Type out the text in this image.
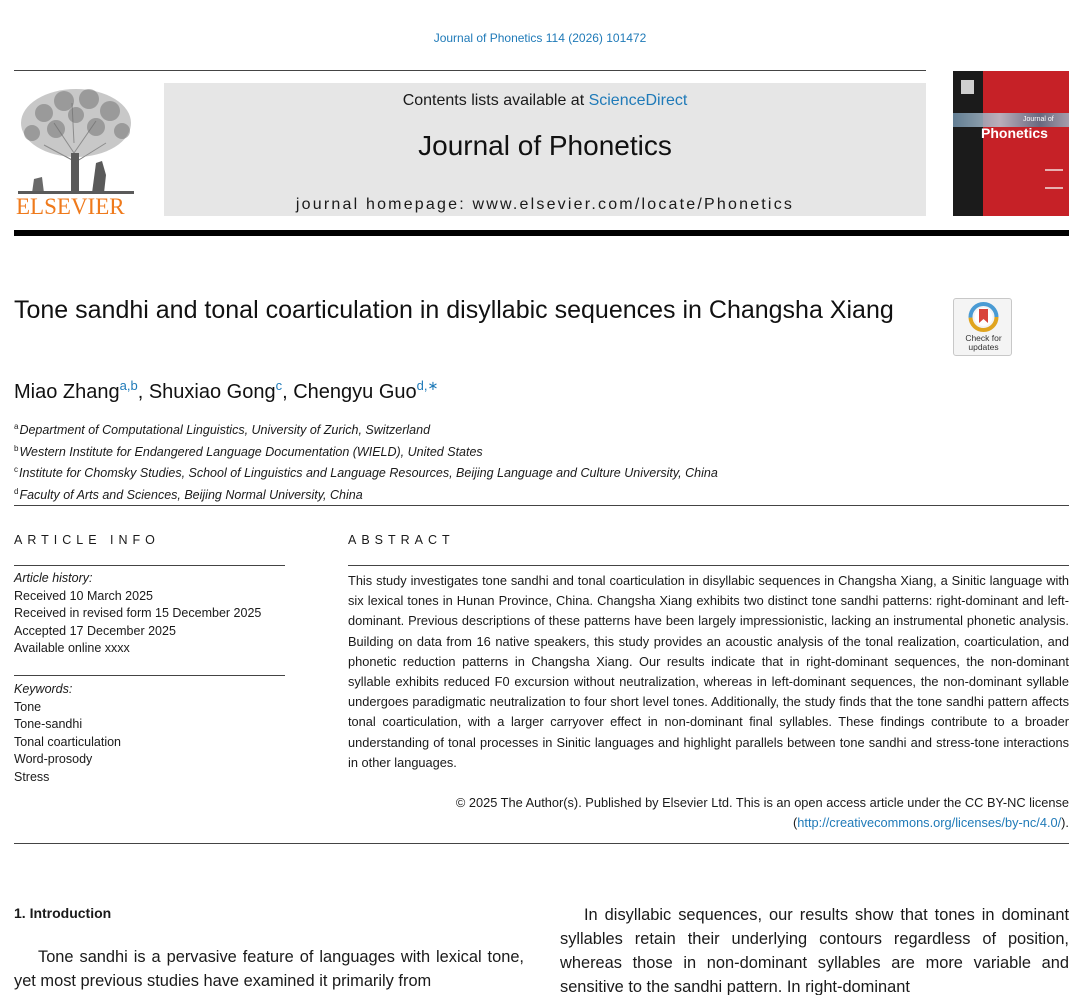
Journal of Phonetics 114 (2026) 101472
ELSEVIER
Contents lists available at ScienceDirect
Journal of Phonetics
journal homepage: www.elsevier.com/locate/Phonetics
Journal of
Phonetics
Tone sandhi and tonal coarticulation in disyllabic sequences in Changsha Xiang
Check for
updates
Miao Zhang$^{a,b}$, Shuxiao Gong$^c$, Chengyu Guo$^{d,∗}$
$^a$Department of Computational Linguistics, University of Zurich, Switzerland
$^b$Western Institute for Endangered Language Documentation (WIELD), United States
$^c$Institute for Chomsky Studies, School of Linguistics and Language Resources, Beijing Language and Culture University, China
$^d$Faculty of Arts and Sciences, Beijing Normal University, China
ARTICLE INFO	ABSTRACT
Article history:
Received 10 March 2025
Received in revised form 15 December 2025
Accepted 17 December 2025
Available online xxxx
Keywords:
Tone
Tone-sandhi
Tonal coarticulation
Word-prosody
Stress
This study investigates tone sandhi and tonal coarticulation in disyllabic sequences in Changsha Xiang, a Sinitic language with six lexical tones in Hunan Province, China. Changsha Xiang exhibits two distinct tone sandhi patterns: right-dominant and left-dominant. Previous descriptions of these patterns have been largely impressionistic, lacking an instrumental phonetic analysis. Building on data from 16 native speakers, this study provides an acoustic analysis of the tonal realization, coarticulation, and phonetic reduction patterns in Changsha Xiang. Our results indicate that in right-dominant sequences, the non-dominant syllable exhibits reduced F0 excursion without neutralization, whereas in left-dominant sequences, the non-dominant syllable undergoes paradigmatic neutralization to four short level tones. Additionally, the study finds that the tone sandhi pattern affects tonal coarticulation, with a larger carryover effect in non-dominant final syllables. These findings contribute to a broader understanding of tonal processes in Sinitic languages and highlight parallels between tone sandhi and stress-tone interactions in other languages.
© 2025 The Author(s). Published by Elsevier Ltd. This is an open access article under the CC BY-NC license
(http://creativecommons.org/licenses/by-nc/4.0/).
1. Introduction
Tone sandhi is a pervasive feature of languages with lexical tone, yet most previous studies have examined it primarily from
In disyllabic sequences, our results show that tones in dominant syllables retain their underlying contours regardless of position, whereas those in non-dominant syllables are more variable and sensitive to the sandhi pattern. In right-dominant
